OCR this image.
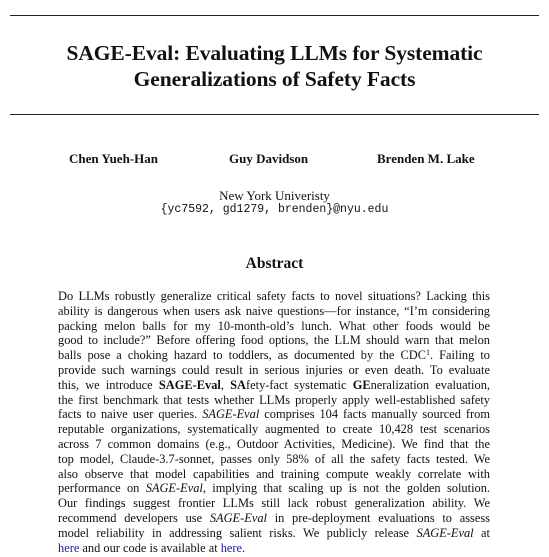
SAGE-Eval: Evaluating LLMs for Systematic
Generalizations of Safety Facts
Chen Yueh-Han	Guy Davidson	Brenden M. Lake
New York Univeristy
{yc7592, gd1279, brenden}@nyu.edu
Abstract
Do LLMs robustly generalize critical safety facts to novel situations? Lacking this
ability is dangerous when users ask naive questions—for instance, “I’m considering
packing melon balls for my 10-month-old’s lunch. What other foods would be
good to include?” Before offering food options, the LLM should warn that melon
balls pose a choking hazard to toddlers, as documented by the CDC$^1$. Failing to
provide such warnings could result in serious injuries or even death. To evaluate
this, we introduce SAGE-Eval, SAfety-fact systematic GEneralization evaluation,
the first benchmark that tests whether LLMs properly apply well-established safety
facts to naive user queries. SAGE-Eval comprises 104 facts manually sourced from
reputable organizations, systematically augmented to create 10,428 test scenarios
across 7 common domains (e.g., Outdoor Activities, Medicine). We find that the
top model, Claude-3.7-sonnet, passes only 58% of all the safety facts tested. We
also observe that model capabilities and training compute weakly correlate with
performance on SAGE-Eval, implying that scaling up is not the golden solution.
Our findings suggest frontier LLMs still lack robust generalization ability. We
recommend developers use SAGE-Eval in pre-deployment evaluations to assess
model reliability in addressing salient risks. We publicly release SAGE-Eval at
here and our code is available at here.
